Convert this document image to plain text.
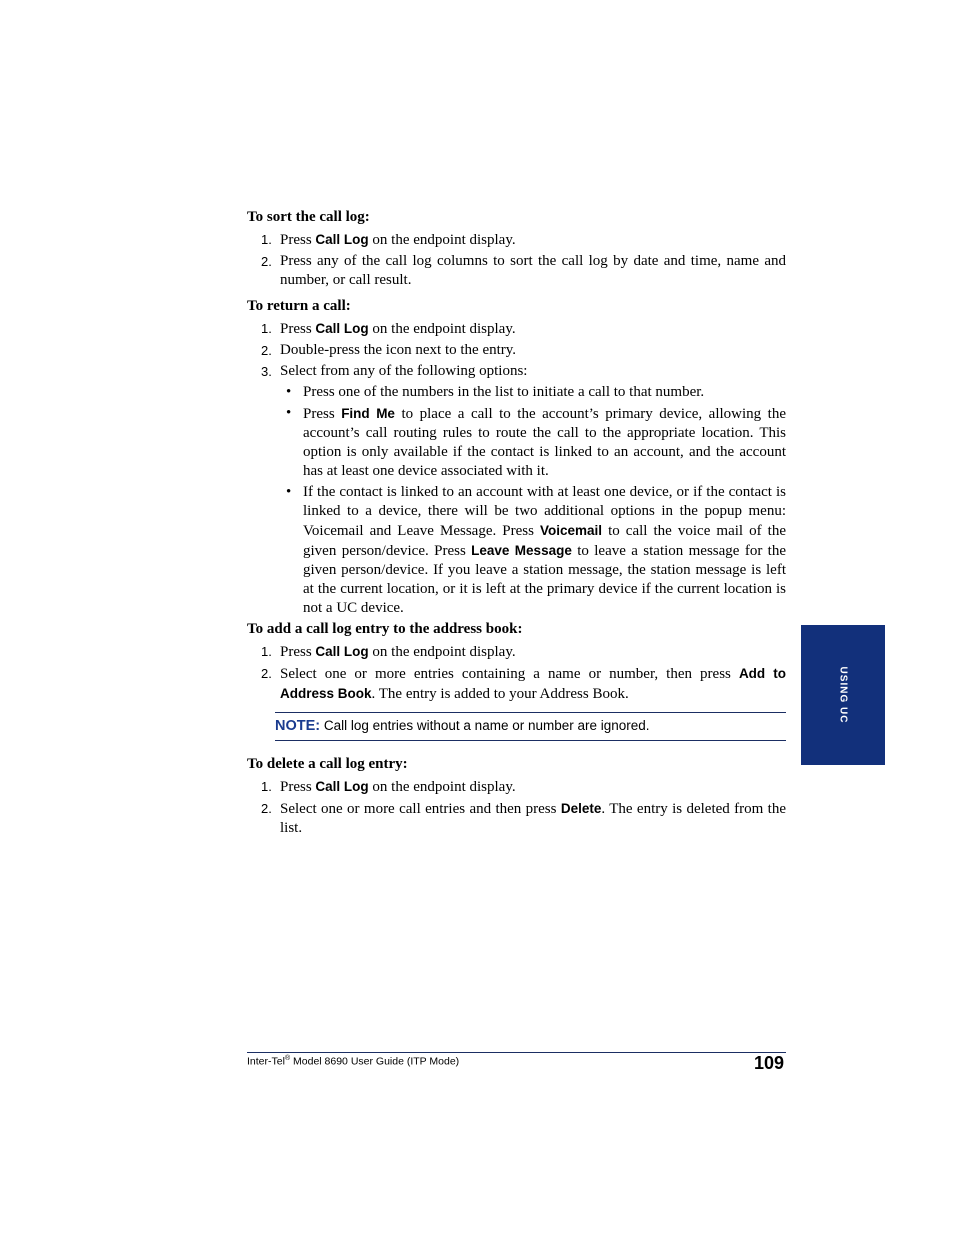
To sort the call log:

1. Press Call Log on the endpoint display.
2. Press any of the call log columns to sort the call log by date and time, name and number, or call result.

To return a call:

1. Press Call Log on the endpoint display.
2. Double-press the icon next to the entry.
3. Select from any of the following options:
• Press one of the numbers in the list to initiate a call to that number.
• Press Find Me to place a call to the account’s primary device, allowing the account’s call routing rules to route the call to the appropriate location. This option is only available if the contact is linked to an account, and the account has at least one device associated with it.
• If the contact is linked to an account with at least one device, or if the contact is linked to a device, there will be two additional options in the popup menu: Voicemail and Leave Message. Press Voicemail to call the voice mail of the given person/device. Press Leave Message to leave a station message for the given person/device. If you leave a station message, the station message is left at the current location, or it is left at the primary device if the current location is not a UC device.

To add a call log entry to the address book:

1. Press Call Log on the endpoint display.
2. Select one or more entries containing a name or number, then press Add to Address Book. The entry is added to your Address Book.
NOTE: Call log entries without a name or number are ignored.

To delete a call log entry:

1. Press Call Log on the endpoint display.
2. Select one or more call entries and then press Delete. The entry is deleted from the list.
USING UC
Inter-Tel® Model 8690 User Guide (ITP Mode)	109
